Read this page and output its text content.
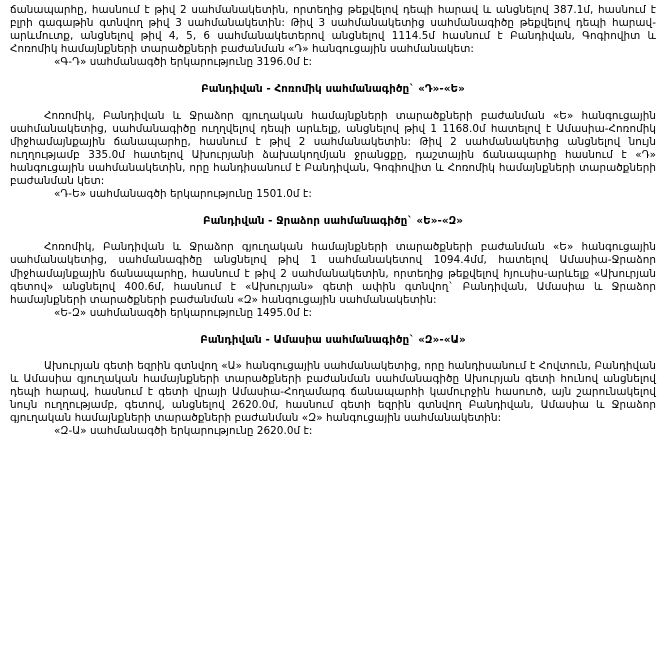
ճանապարհը, հասնում է թիվ 2 սահմանակետին, որտեղից թեքվելով դեպի հարավ և անցնելով 387.1մ, հասնում է բլրի գագաթին գտնվող թիվ 3 սահմանակետին: Թիվ 3 սահմանակետից սահմանագիծը թեքվելով դեպի հարավ-արևմուտք, անցնելով թիվ 4, 5, 6 սահմանակետերով անցնելով 1114.5մ հասնում է Բանդիվան, Գոգիովիտ և Հոռոմիկ համայնքների տարածքների բաժանման «Դ» հանգուցային սահմանակետ:

«Գ-Դ» սահմանագծի երկարությունը 3196.0մ է:

Բանդիվան - Հոռոմիկ սահմանագիծը` «Դ»-«Ե»

Հոռոմիկ, Բանդիվան և Ջրաձոր գյուղական համայնքների տարածքների բաժանման «Ե» հանգուցային սահմանակետից, սահմանագիծը ուղղվելով դեպի արևելք, անցնելով թիվ 1 1168.0մ հատելով է Ամասիա-Հոռոմիկ միջհամայնքային ճանապարհը, հասնում է թիվ 2 սահմանակետին: Թիվ 2 սահմանակետից անցնելով նույն ուղղությամբ 335.0մ հատելով Ախուրյանի ձախակողմյան ջրանցքը, դաշտային ճանապարհը հասնում է «Դ» հանգուցային սահմանակետին, որը հանդիսանում է Բանդիվան, Գոգիովիտ և Հոռոմիկ համայնքների տարածքների բաժանման կետ:

«Դ-Ե» սահմանագծի երկարությունը 1501.0մ է:

Բանդիվան - Ջրաձոր սահմանագիծը` «Ե»-«Զ»

Հոռոմիկ, Բանդիվան և Ջրաձոր գյուղական համայնքների տարածքների բաժանման «Ե» հանգուցային սահմանակետից, սահմանագիծը անցնելով թիվ 1 սահմանակետով 1094.4մմ, հատելով Ամասիա-Ջրաձոր միջհամայնքային ճանապարհը, հասնում է թիվ 2 սահմանակետին, որտեղից թեքվելով հյուսիս-արևելք «Ախուրյան գետով» անցնելով 400.6մ, հասնում է «Ախուրյան» գետի ափին գտնվող` Բանդիվան, Ամասիա և Ջրաձոր համայնքների տարածքների բաժանման «Զ» հանգուցային սահմանակետին:

«Ե-Զ» սահմանագծի երկարությունը 1495.0մ է:

Բանդիվան - Ամասիա սահմանագիծը` «Զ»-«Ա»

Ախուրյան գետի եզրին գտնվող «Ա» հանգուցային սահմանակետից, որը հանդիսանում է Հովտուն, Բանդիվան և Ամասիա գյուղական համայնքների տարածքների բաժանման սահմանագիծը Ախուրյան գետի հունով անցնելով դեպի հարավ, հասնում է գետի վրայի Ամասիա-Հողամարգ ճանապարհի կամուրջին հասուոծ, այն շարունակելով նույն ուղղությամբ, գետով, անցնելով 2620.0մ, հասնում գետի եզրին գտնվող Բանդիվան, Ամասիա և Ջրաձոր գյուղական համայնքների տարածքների բաժանման «Զ» հանգուցային սահմանակետին:

«Զ-Ա» սահմանագծի երկարությունը 2620.0մ է:
